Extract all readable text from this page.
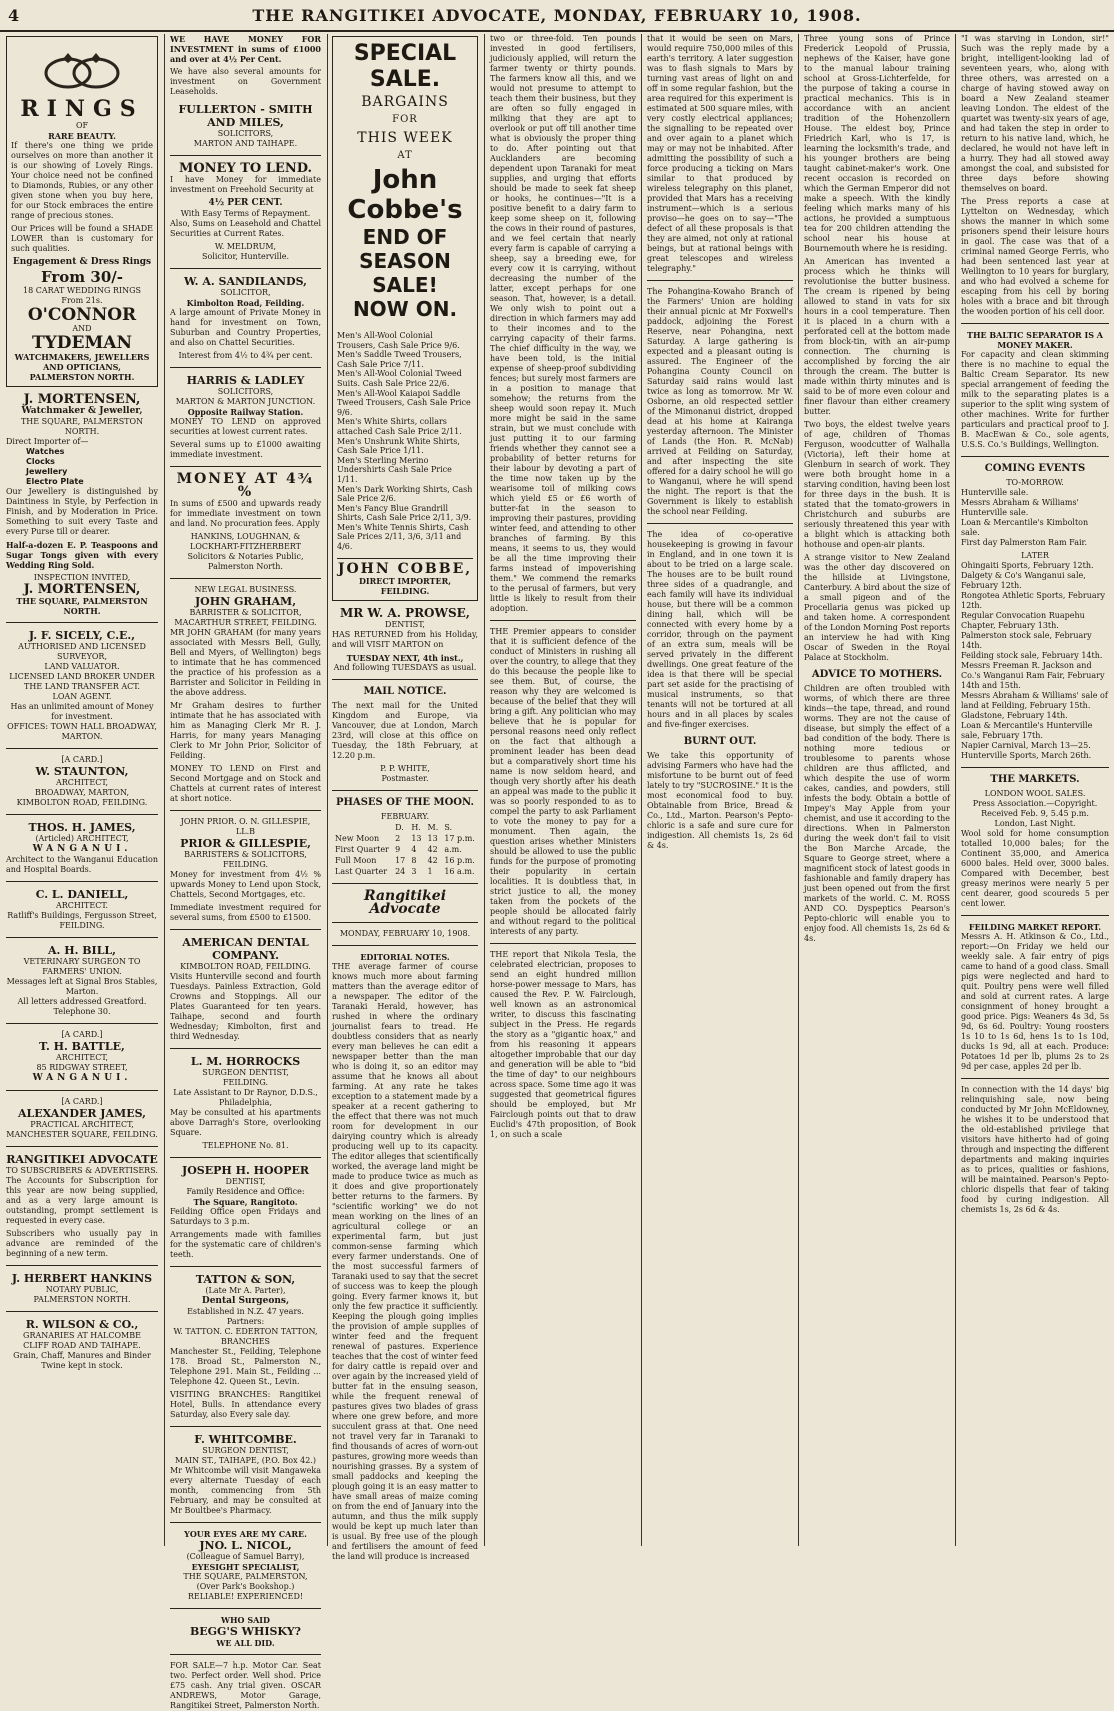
4	THE RANGITIKEI ADVOCATE, MONDAY, FEBRUARY 10, 1908.
RINGS
OF
RARE BEAUTY.

If there's one thing we pride ourselves on more than another it is our showing of Lovely Rings. Your choice need not be confined to Diamonds, Rubies, or any other given stone when you buy here, for our Stock embraces the entire range of precious stones.

Our Prices will be found a SHADE LOWER than is customary for such qualities.

Engagement & Dress Rings
From 30/-
18 CARAT WEDDING RINGS From 21s.
O'CONNOR
AND
TYDEMAN
WATCHMAKERS, JEWELLERS AND OPTICIANS,
PALMERSTON NORTH.
J. MORTENSEN,
Watchmaker & Jeweller,
THE SQUARE, PALMERSTON NORTH.
Direct Importer of—
Watches
Clocks
Jewellery
Electro Plate

Our Jewellery is distinguished by Daintiness in Style, by Perfection in Finish, and by Moderation in Price. Something to suit every Taste and every Purse till or dearer.

Half-a-dozen E. P. Teaspoons and Sugar Tongs given with every Wedding Ring Sold.

INSPECTION INVITED,
J. MORTENSEN,
THE SQUARE, PALMERSTON NORTH.
J. F. SICELY, C.E.,
AUTHORISED AND LICENSED SURVEYOR,
LAND VALUATOR.
LICENSED LAND BROKER UNDER THE LAND TRANSFER ACT.
LOAN AGENT.
Has an unlimited amount of Money for investment.
OFFICES: TOWN HALL BROADWAY, MARTON.
[A CARD.]
W. STAUNTON,
ARCHITECT,
BROADWAY, MARTON,
KIMBOLTON ROAD, FEILDING.
THOS. H. JAMES,
(Articled) ARCHITECT,
WANGANUI.

Architect to the Wanganui Education and Hospital Boards.

C. L. DANIELL,
ARCHITECT.
Ratliff's Buildings, Fergusson Street, FEILDING.
A. H. BILL,
VETERINARY SURGEON TO FARMERS' UNION.
Messages left at Signal Bros Stables, Marton.
All letters addressed Greatford.
Telephone 30.
[A CARD.]
T. H. BATTLE,
ARCHITECT,
85 RIDGWAY STREET,
WANGANUI.
[A CARD.]
ALEXANDER JAMES,
PRACTICAL ARCHITECT,
MANCHESTER SQUARE, FEILDING.
RANGITIKEI ADVOCATE
TO SUBSCRIBERS & ADVERTISERS.

The Accounts for Subscription for this year are now being supplied, and as a very large amount is outstanding, prompt settlement is requested in every case.

Subscribers who usually pay in advance are reminded of the beginning of a new term.

J. HERBERT HANKINS
NOTARY PUBLIC,
PALMERSTON NORTH.
R. WILSON & CO.,
GRANARIES AT HALCOMBE
CLIFF ROAD AND TAIHAPE.
Grain, Chaff, Manures and Binder Twine kept in stock.

WE HAVE MONEY FOR INVESTMENT in sums of £1000 and over at 4½ Per Cent.

We have also several amounts for investment on Government Leaseholds.

FULLERTON - SMITH AND MILES,
SOLICITORS,
MARTON AND TAIHAPE.
MONEY TO LEND.

I have Money for immediate investment on Freehold Security at

4½ PER CENT.
With Easy Terms of Repayment.

Also, Sums on Leasehold and Chattel Securities at Current Rates.

W. MELDRUM,
Solicitor, Hunterville.
W. A. SANDILANDS,
SOLICITOR,
Kimbolton Road, Feilding.

A large amount of Private Money in hand for investment on Town, Suburban and Country Properties, and also on Chattel Securities.

Interest from 4½ to 4¾ per cent.
HARRIS & LADLEY
SOLICITORS,
MARTON & MARTON JUNCTION.
Opposite Railway Station.

MONEY TO LEND on approved securities at lowest current rates.

Several sums up to £1000 awaiting immediate investment.

MONEY AT 4¾ %

In sums of £500 and upwards ready for immediate investment on town and land. No procuration fees. Apply

HANKINS, LOUGHNAN, & LOCKHART-FITZHERBERT
Solicitors & Notaries Public, Palmerston North.
NEW LEGAL BUSINESS.
JOHN GRAHAM,
BARRISTER & SOLICITOR,
MACARTHUR STREET, FEILDING.

MR JOHN GRAHAM (for many years associated with Messrs Bell, Gully, Bell and Myers, of Wellington) begs to intimate that he has commenced the practice of his profession as a Barrister and Solicitor in Feilding in the above address.

Mr Graham desires to further intimate that he has associated with him as Managing Clerk Mr R. J. Harris, for many years Managing Clerk to Mr John Prior, Solicitor of Feilding.

MONEY TO LEND on First and Second Mortgage and on Stock and Chattels at current rates of interest at short notice.

JOHN PRIOR. O. N. GILLESPIE, LL.B
PRIOR & GILLESPIE,
BARRISTERS & SOLICITORS,
FEILDING.

Money for investment from 4½ % upwards Money to Lend upon Stock, Chattels, Second Mortgages, etc.

Immediate investment required for several sums, from £500 to £1500.

AMERICAN DENTAL COMPANY.
KIMBOLTON ROAD, FEILDING.

Visits Hunterville second and fourth Tuesdays. Painless Extraction, Gold Crowns and Stoppings. All our Plates Guaranteed for ten years. Taihape, second and fourth Wednesday; Kimbolton, first and third Wednesday.

L. M. HORROCKS
SURGEON DENTIST,
FEILDING.
Late Assistant to Dr Raynor, D.D.S., Philadelphia,

May be consulted at his apartments above Darragh's Store, overlooking Square.

TELEPHONE No. 81.
JOSEPH H. HOOPER
DENTIST,
Family Residence and Office:
The Square, Rangitoto.

Feilding Office open Fridays and Saturdays to 3 p.m.

Arrangements made with families for the systematic care of children's teeth.

TATTON & SON,
(Late Mr A. Parter),
Dental Surgeons,
Established in N.Z. 47 years.
Partners:
W. TATTON. C. EDERTON TATTON,
BRANCHES

Manchester St., Feilding, Telephone 178. Broad St., Palmerston N., Telephone 291. Main St., Feilding ... Telephone 42. Queen St., Levin.

VISITING BRANCHES: Rangitikei Hotel, Bulls. In attendance every Saturday, also Every sale day.

F. WHITCOMBE.
SURGEON DENTIST,
MAIN ST., TAIHAPE, (P.O. Box 42.)

Mr Whitcombe will visit Mangaweka every alternate Tuesday of each month, commencing from 5th February, and may be consulted at Mr Boultbee's Pharmacy.

YOUR EYES ARE MY CARE.
JNO. L. NICOL,
(Colleague of Samuel Barry),
EYESIGHT SPECIALIST,
THE SQUARE, PALMERSTON,
(Over Park's Bookshop.)
RELIABLE! EXPERIENCED!
WHO SAID
BEGG'S WHISKY?
WE ALL DID.

FOR SALE—7 h.p. Motor Car. Seat two. Perfect order. Well shod. Price £75 cash. Any trial given. OSCAR ANDREWS, Motor Garage, Rangitikei Street, Palmerston North.

SPECIAL SALE.
BARGAINS
FOR
THIS WEEK
AT
John Cobbe's
END OF
SEASON
SALE!
NOW ON.
Men's All-Wool Colonial Trousers, Cash Sale Price 9/6.
Men's Saddle Tweed Trousers, Cash Sale Price 7/11.
Men's All-Wool Colonial Tweed Suits. Cash Sale Price 22/6.
Men's All-Wool Kaiapoi Saddle Tweed Trousers, Cash Sale Price 9/6.
Men's White Shirts, collars attached Cash Sale Price 2/11.
Men's Unshrunk White Shirts, Cash Sale Price 1/11.
Men's Sterling Merino Undershirts Cash Sale Price 1/11.
Men's Dark Working Shirts, Cash Sale Price 2/6.
Men's Fancy Blue Grandrill Shirts, Cash Sale Price 2/11, 3/9.
Men's White Tennis Shirts, Cash Sale Prices 2/11, 3/6, 3/11 and 4/6.
JOHN COBBE,
DIRECT IMPORTER,
FEILDING.
MR W. A. PROWSE,
DENTIST,

HAS RETURNED from his Holiday, and will VISIT MARTON on

TUESDAY NEXT, 4th inst.,
And following TUESDAYS as usual.
MAIL NOTICE.

The next mail for the United Kingdom and Europe, via Vancouver, due at London, March 23rd, will close at this office on Tuesday, the 18th February, at 12.20 p.m.

P. P. WHITE,
Postmaster.
PHASES OF THE MOON.
FEBRUARY.
	D.	H.	M.	S.
New Moon	2	13	13	17 p.m.
First Quarter	9	4	42	a.m.
Full Moon	17	8	42	16 p.m.
Last Quarter	24	3	1	16 a.m.
Rangitikei Advocate
MONDAY, FEBRUARY 10, 1908.
EDITORIAL NOTES.

THE average farmer of course knows much more about farming matters than the average editor of a newspaper. The editor of the Taranaki Herald, however, has rushed in where the ordinary journalist fears to tread. He doubtless considers that as nearly every man believes he can edit a newspaper better than the man who is doing it, so an editor may assume that he knows all about farming. At any rate he takes exception to a statement made by a speaker at a recent gathering to the effect that there was not much room for development in our dairying country which is already producing well up to its capacity. The editor alleges that scientifically worked, the average land might be made to produce twice as much as it does and give proportionately better returns to the farmers. By "scientific working" we do not mean working on the lines of an agricultural college or an experimental farm, but just common-sense farming which every farmer understands. One of the most successful farmers of Taranaki used to say that the secret of success was to keep the plough going. Every farmer knows it, but only the few practice it sufficiently. Keeping the plough going implies the provision of ample supplies of winter feed and the frequent renewal of pastures. Experience teaches that the cost of winter feed for dairy cattle is repaid over and over again by the increased yield of butter fat in the ensuing season, while the frequent renewal of pastures gives two blades of grass where one grew before, and more succulent grass at that. One need not travel very far in Taranaki to find thousands of acres of worn-out pastures, growing more weeds than nourishing grasses. By a system of small paddocks and keeping the plough going it is an easy matter to have small areas of maize coming on from the end of January into the autumn, and thus the milk supply would be kept up much later than is usual. By free use of the plough and fertilisers the amount of feed the land will produce is increased

two or three-fold. Ten pounds invested in good fertilisers, judiciously applied, will return the farmer twenty or thirty pounds. The farmers know all this, and we would not presume to attempt to teach them their business, but they are often so fully engaged in milking that they are apt to overlook or put off till another time what is obviously the proper thing to do. After pointing out that Aucklanders are becoming dependent upon Taranaki for meat supplies, and urging that efforts should be made to seek fat sheep or hooks, he continues—"It is a positive benefit to a dairy farm to keep some sheep on it, following the cows in their round of pastures, and we feel certain that nearly every farm is capable of carrying a sheep, say a breeding ewe, for every cow it is carrying, without decreasing the number of the latter, except perhaps for one season. That, however, is a detail. We only wish to point out a direction in which farmers may add to their incomes and to the carrying capacity of their farms. The chief difficulty in the way, we have been told, is the initial expense of sheep-proof subdividing fences; but surely most farmers are in a position to manage that somehow; the returns from the sheep would soon repay it. Much more might be said in the same strain, but we must conclude with just putting it to our farming friends whether they cannot see a probability of better returns for their labour by devoting a part of the time now taken up by the wearisome toil of milking cows which yield £5 or £6 worth of butter-fat in the season to improving their pastures, providing winter feed, and attending to other branches of farming. By this means, it seems to us, they would be all the time improving their farms instead of impoverishing them." We commend the remarks to the perusal of farmers, but very little is likely to result from their adoption.

THE Premier appears to consider that it is sufficient defence of the conduct of Ministers in rushing all over the country, to allege that they do this because the people like to see them. But, of course, the reason why they are welcomed is because of the belief that they will bring a gift. Any politician who may believe that he is popular for personal reasons need only reflect on the fact that although a prominent leader has been dead but a comparatively short time his name is now seldom heard, and though very shortly after his death an appeal was made to the public it was so poorly responded to as to compel the party to ask Parliament to vote the money to pay for a monument. Then again, the question arises whether Ministers should be allowed to use the public funds for the purpose of promoting their popularity in certain localities. It is doubtless that, in strict justice to all, the money taken from the pockets of the people should be allocated fairly and without regard to the political interests of any party.

THE report that Nikola Tesla, the celebrated electrician, proposes to send an eight hundred million horse-power message to Mars, has caused the Rev. P. W. Fairclough, well known as an astronomical writer, to discuss this fascinating subject in the Press. He regards the story as a "gigantic hoax," and from his reasoning it appears altogether improbable that our day and generation will be able to "bid the time of day" to our neighbours across space. Some time ago it was suggested that geometrical figures should be employed, but Mr Fairclough points out that to draw Euclid's 47th proposition, of Book 1, on such a scale

that it would be seen on Mars, would require 750,000 miles of this earth's territory. A later suggestion was to flash signals to Mars by turning vast areas of light on and off in some regular fashion, but the area required for this experiment is estimated at 500 square miles, with very costly electrical appliances; the signalling to be repeated over and over again to a planet which may or may not be inhabited. After admitting the possibility of such a force producing a ticking on Mars similar to that produced by wireless telegraphy on this planet, provided that Mars has a receiving instrument—which is a serious proviso—he goes on to say—"The defect of all these proposals is that they are aimed, not only at rational beings, but at rational beings with great telescopes and wireless telegraphy."

The Pohangina-Kowaho Branch of the Farmers' Union are holding their annual picnic at Mr Foxwell's paddock, adjoining the Forest Reserve, near Pohangina, next Saturday. A large gathering is expected and a pleasant outing is assured. The Engineer of the Pohangina County Council on Saturday said rains would last twice as long as tomorrow. Mr W. Osborne, an old respected settler of the Mimonanui district, dropped dead at his home at Kairanga yesterday afternoon. The Minister of Lands (the Hon. R. McNab) arrived at Feilding on Saturday, and after inspecting the site offered for a dairy school he will go to Wanganui, where he will spend the night. The report is that the Government is likely to establish the school near Feilding.

The idea of co-operative housekeeping is growing in favour in England, and in one town it is about to be tried on a large scale. The houses are to be built round three sides of a quadrangle, and each family will have its individual house, but there will be a common dining hall, which will be connected with every home by a corridor, through on the payment of an extra sum, meals will be served privately in the different dwellings. One great feature of the idea is that there will be special part set aside for the practising of musical instruments, so that tenants will not be tortured at all hours and in all places by scales and five-finger exercises.

BURNT OUT.

We take this opportunity of advising Farmers who have had the misfortune to be burnt out of feed lately to try "SUCROSINE." It is the most economical food to buy. Obtainable from Brice, Bread & Co., Ltd., Marton. Pearson's Pepto-chloric is a safe and sure cure for indigestion. All chemists 1s, 2s 6d & 4s.

Three young sons of Prince Frederick Leopold of Prussia, nephews of the Kaiser, have gone to the manual labour training school at Gross-Lichterfelde, for the purpose of taking a course in practical mechanics. This is in accordance with an ancient tradition of the Hohenzollern House. The eldest boy, Prince Friedrich Karl, who is 17, is learning the locksmith's trade, and his younger brothers are being taught cabinet-maker's work. One recent occasion is recorded on which the German Emperor did not make a speech. With the kindly feeling which marks many of his actions, he provided a sumptuous tea for 200 children attending the school near his house at Bournemouth where he is residing.

An American has invented a process which he thinks will revolutionise the butter business. The cream is ripened by being allowed to stand in vats for six hours in a cool temperature. Then it is placed in a churn with a perforated cell at the bottom made from block-tin, with an air-pump connection. The churning is accomplished by forcing the air through the cream. The butter is made within thirty minutes and is said to be of more even colour and finer flavour than either creamery butter.

Two boys, the eldest twelve years of age, children of Thomas Ferguson, woodcutter of Walhalla (Victoria), left their home at Glenburn in search of work. They were both brought home in a starving condition, having been lost for three days in the bush. It is stated that the tomato-growers in Christchurch and suburbs are seriously threatened this year with a blight which is attacking both hothouse and open-air plants.

A strange visitor to New Zealand was the other day discovered on the hillside at Livingstone, Canterbury. A bird about the size of a small pigeon and of the Procellaria genus was picked up and taken home. A correspondent of the London Morning Post reports an interview he had with King Oscar of Sweden in the Royal Palace at Stockholm.

ADVICE TO MOTHERS.

Children are often troubled with worms, of which there are three kinds—the tape, thread, and round worms. They are not the cause of disease, but simply the effect of a bad condition of the body. There is nothing more tedious or troublesome to parents whose children are thus afflicted, and which despite the use of worm cakes, candies, and powders, still infests the body. Obtain a bottle of Impey's May Apple from your chemist, and use it according to the directions. When in Palmerston during the week don't fail to visit the Bon Marche Arcade, the Square to George street, where a magnificent stock of latest goods in fashionable and family drapery has just been opened out from the first markets of the world. C. M. ROSS AND CO. Dyspeptics Pearson's Pepto-chloric will enable you to enjoy food. All chemists 1s, 2s 6d & 4s.

"I was starving in London, sir!" Such was the reply made by a bright, intelligent-looking lad of seventeen years, who, along with three others, was arrested on a charge of having stowed away on board a New Zealand steamer leaving London. The eldest of the quartet was twenty-six years of age, and had taken the step in order to return to his native land, which, he declared, he would not have left in a hurry. They had all stowed away amongst the coal, and subsisted for three days before showing themselves on board.

The Press reports a case at Lyttelton on Wednesday, which shows the manner in which some prisoners spend their leisure hours in gaol. The case was that of a criminal named George Ferris, who had been sentenced last year at Wellington to 10 years for burglary, and who had evolved a scheme for escaping from his cell by boring holes with a brace and bit through the wooden portion of his cell door.

THE BALTIC SEPARATOR IS A MONEY MAKER.

For capacity and clean skimming there is no machine to equal the Baltic Cream Separator. Its new special arrangement of feeding the milk to the separating plates is a superior to the split wing system of other machines. Write for further particulars and practical proof to J. B. MacEwan & Co., sole agents, U.S.S. Co.'s Buildings, Wellington.

COMING EVENTS
TO-MORROW.
Hunterville sale.
Messrs Abraham & Williams' Hunterville sale.
Loan & Mercantile's Kimbolton sale.
First day Palmerston Ram Fair.
LATER
Ohingaiti Sports, February 12th.
Dalgety & Co's Wanganui sale, February 12th.
Rongotea Athletic Sports, February 12th.
Regular Convocation Ruapehu Chapter, February 13th.
Palmerston stock sale, February 14th.
Feilding stock sale, February 14th.
Messrs Freeman R. Jackson and Co.'s Wanganui Ram Fair, February 14th and 15th.
Messrs Abraham & Williams' sale of land at Feilding, February 15th.
Gladstone, February 14th.
Loan & Mercantile's Hunterville sale, February 17th.
Napier Carnival, March 13—25.
Hunterville Sports, March 26th.
THE MARKETS.
LONDON WOOL SALES.
Press Association.—Copyright.
Received Feb. 9, 5.45 p.m.
London, Last Night.

Wool sold for home consumption totalled 10,000 bales; for the Continent 35,000, and America 6000 bales. Held over, 3000 bales. Compared with December, best greasy merinos were nearly 5 per cent dearer, good scoureds 5 per cent lower.

FEILDING MARKET REPORT.

Messrs A. H. Atkinson & Co., Ltd., report:—On Friday we held our weekly sale. A fair entry of pigs came to hand of a good class. Small pigs were neglected and hard to quit. Poultry pens were well filled and sold at current rates. A large consignment of honey brought a good price. Pigs: Weaners 4s 3d, 5s 9d, 6s 6d. Poultry: Young roosters 1s 10 to 1s 6d, hens 1s to 1s 10d, ducks 1s 9d, all at each. Produce: Potatoes 1d per lb, plums 2s to 2s 9d per case, apples 2d per lb.

In connection with the 14 days' big relinquishing sale, now being conducted by Mr John McEldowney, he wishes it to be understood that the old-established privilege that visitors have hitherto had of going through and inspecting the different departments and making inquiries as to prices, qualities or fashions, will be maintained. Pearson's Pepto-chloric dispells that fear of taking food by curing indigestion. All chemists 1s, 2s 6d & 4s.
